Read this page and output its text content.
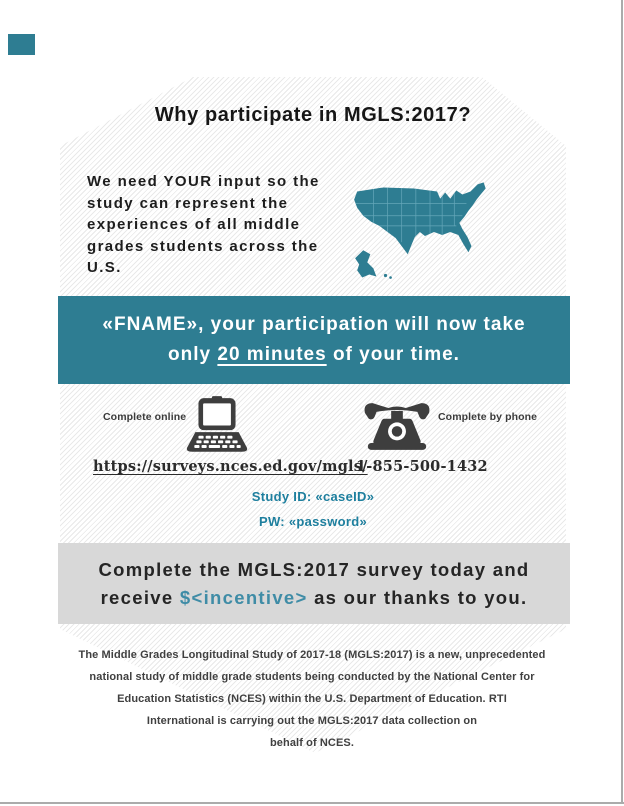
Why participate in MGLS:2017?
We need YOUR input so the
study can represent the
experiences of all middle
grades students across the
U.S.
«FNAME», your participation will now take
only 20 minutes of your time.
Complete online	Complete by phone
https://surveys.nces.ed.gov/mgls/
1-855-500-1432
Study ID: «caseID»
PW: «password»
Complete the MGLS:2017 survey today and
receive $<incentive> as our thanks to you.
The Middle Grades Longitudinal Study of 2017-18 (MGLS:2017) is a new, unprecedented
national study of middle grade students being conducted by the National Center for
Education Statistics (NCES) within the U.S. Department of Education. RTI
International is carrying out the MGLS:2017 data collection on
behalf of NCES.
